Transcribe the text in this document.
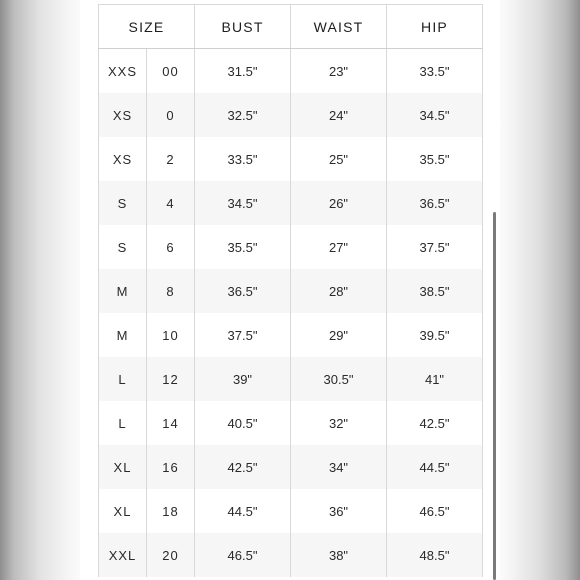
SIZE		BUST	WAIST	HIP
XXS	00	31.5"	23"	33.5"
XS	0	32.5"	24"	34.5"
XS	2	33.5"	25"	35.5"
S	4	34.5"	26"	36.5"
S	6	35.5"	27"	37.5"
M	8	36.5"	28"	38.5"
M	10	37.5"	29"	39.5"
L	12	39"	30.5"	41"
L	14	40.5"	32"	42.5"
XL	16	42.5"	34"	44.5"
XL	18	44.5"	36"	46.5"
XXL	20	46.5"	38"	48.5"
